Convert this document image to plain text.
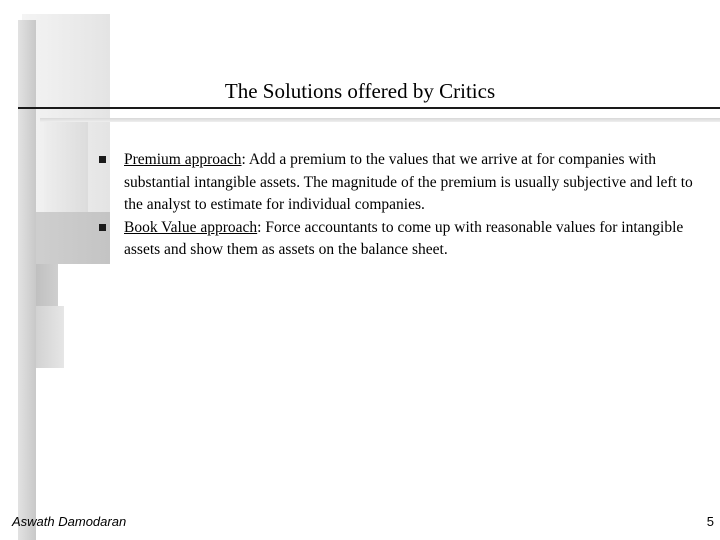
The Solutions offered by Critics
Premium approach: Add a premium to the values that we arrive at for companies with substantial intangible assets. The magnitude of the premium is usually subjective and left to the analyst to estimate for individual companies.
Book Value approach: Force accountants to come up with reasonable values for intangible assets and show them as assets on the balance sheet.
Aswath Damodaran	5
